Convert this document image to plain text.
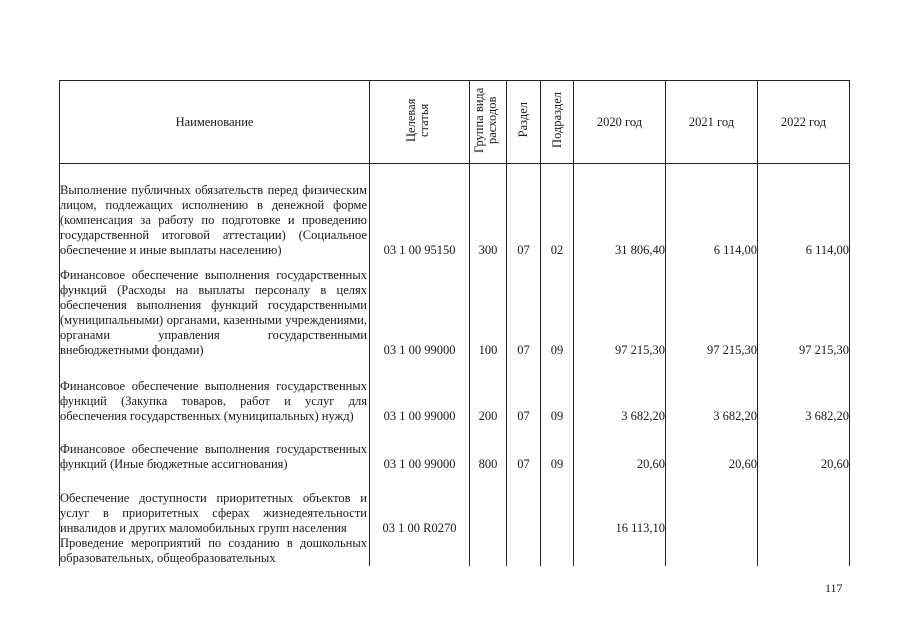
Наименование	Целевая статья	Группа вида расходов	Раздел	Подраздел	2020 год	2021 год	2022 год
Выполнение публичных обязательств перед физическим лицом, подлежащих исполнению в денежной форме (компенсация за работу по подготовке и проведению государственной итоговой аттестации) (Социальное обеспечение и иные выплаты населению)	03 1 00 95150	300	07	02	31 806,40	6 114,00	6 114,00
Финансовое обеспечение выполнения государственных функций (Расходы на выплаты персоналу в целях обеспечения выполнения функций государственными (муниципальными) органами, казенными учреждениями, органами управления государственными внебюджетными фондами)	03 1 00 99000	100	07	09	97 215,30	97 215,30	97 215,30
Финансовое обеспечение выполнения государственных функций (Закупка товаров, работ и услуг для обеспечения государственных (муниципальных) нужд)	03 1 00 99000	200	07	09	3 682,20	3 682,20	3 682,20
Финансовое обеспечение выполнения государственных функций (Иные бюджетные ассигнования)	03 1 00 99000	800	07	09	20,60	20,60	20,60
Обеспечение доступности приоритетных объектов и услуг в приоритетных сферах жизнедеятельности инвалидов и других маломобильных групп населения	03 1 00 R0270				16 113,10		
Проведение мероприятий по созданию в дошкольных образовательных, общеобразовательных							
117
